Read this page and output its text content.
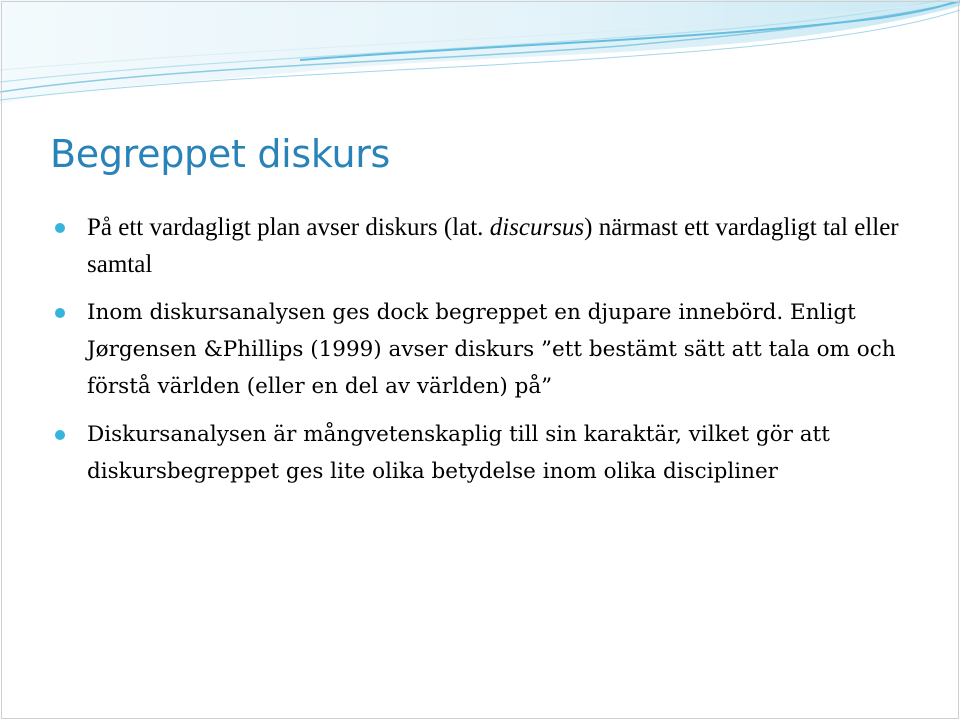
Begreppet diskurs
På ett vardagligt plan avser diskurs (lat. discursus) närmast ett vardagligt tal eller samtal
Inom diskursanalysen ges dock begreppet en djupare innebörd. Enligt Jørgensen &Phillips (1999) avser diskurs ”ett bestämt sätt att tala om och förstå världen (eller en del av världen) på”
Diskursanalysen är mångvetenskaplig till sin karaktär, vilket gör att diskursbegreppet ges lite olika betydelse inom olika discipliner
